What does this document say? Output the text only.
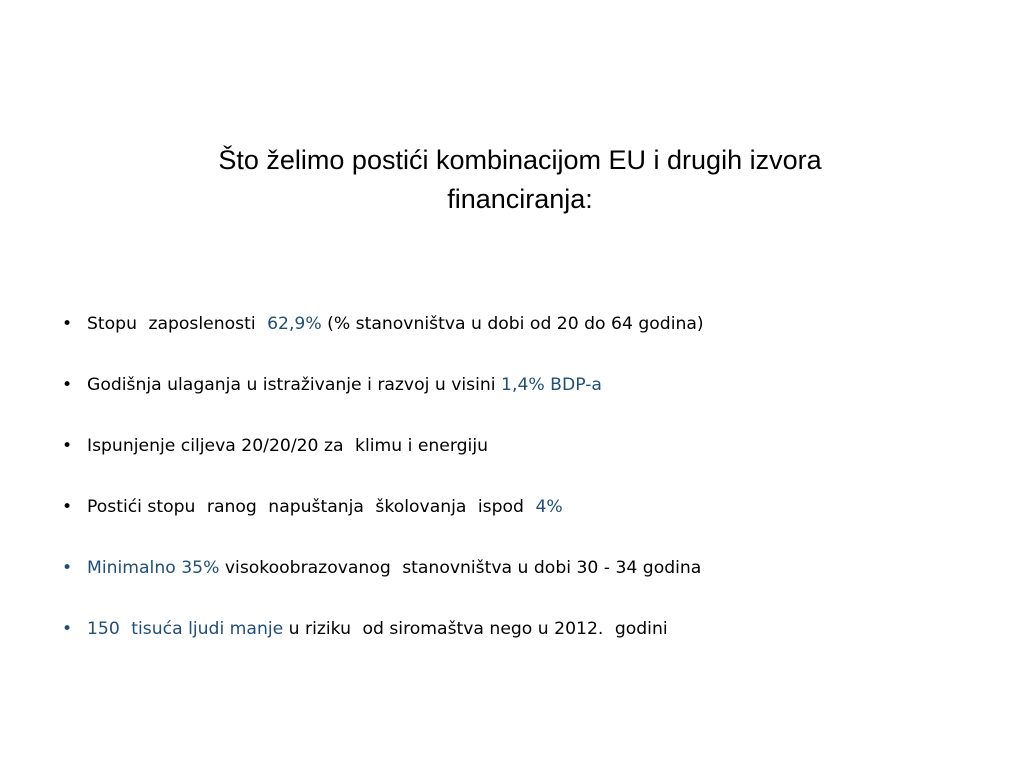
Što želimo postići kombinacijom EU i drugih izvora
financiranja:
• Stopu zaposlenosti 62,9% (% stanovništva u dobi od 20 do 64 godina)
• Godišnja ulaganja u istraživanje i razvoj u visini 1,4% BDP-a
• Ispunjenje ciljeva 20/20/20 za klimu i energiju
• Postići stopu ranog napuštanja školovanja ispod 4%
• Minimalno 35% visokoobrazovanog stanovništva u dobi 30 - 34 godina
• 150 tisuća ljudi manje u riziku od siromaštva nego u 2012. godini
